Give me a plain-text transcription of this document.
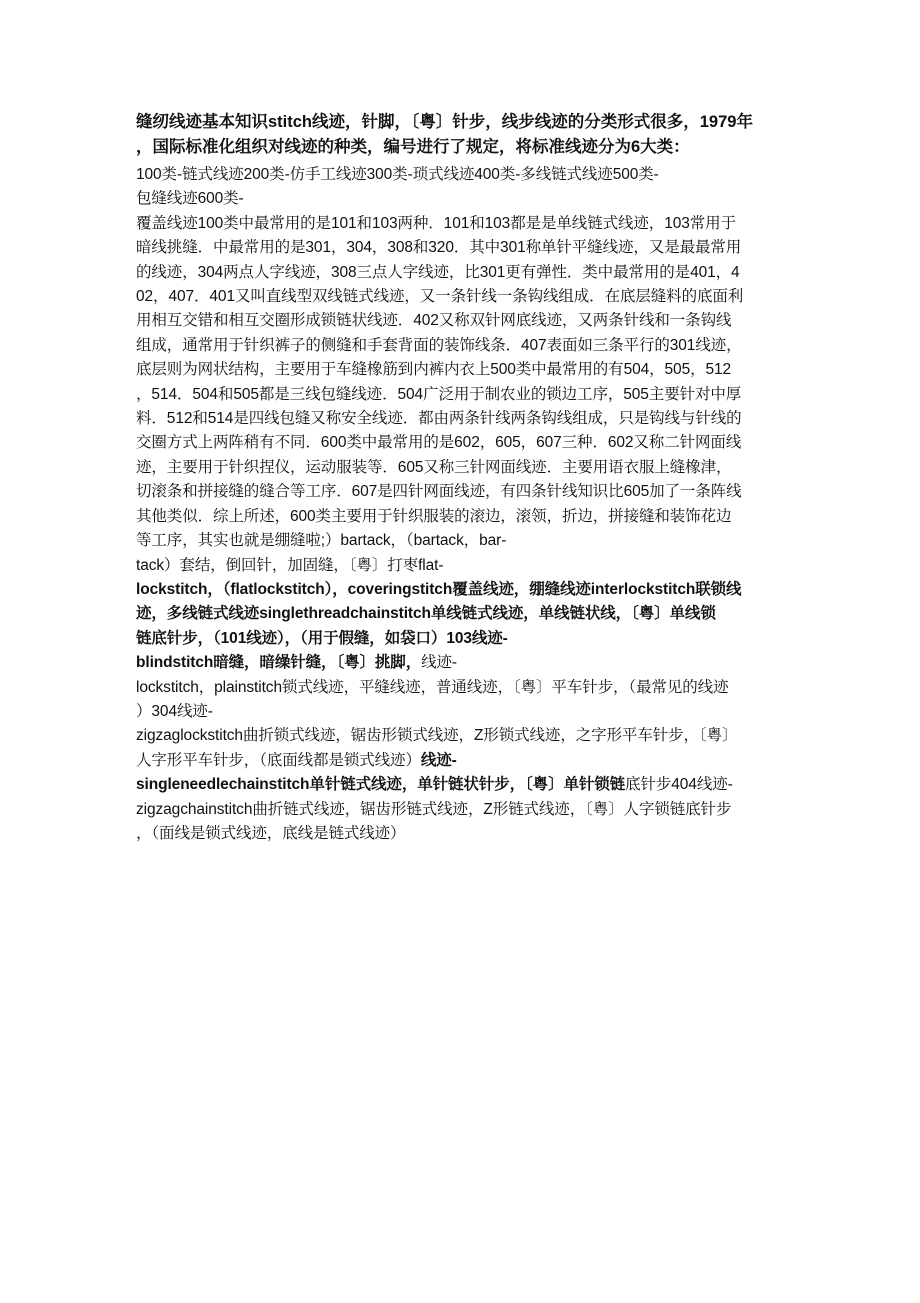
缝纫线迹基本知识stitch线迹，针脚，〔粤〕针步，线步线迹的分类形式很多，1979年
，国际标准化组织对线迹的种类，编号进行了规定，将标准线迹分为6大类：
100类-链式线迹200类-仿手工线迹300类-琐式线迹400类-多线链式线迹500类-
包缝线迹600类-
覆盖线迹100类中最常用的是101和103两种．101和103都是是单线链式线迹，103常用于
暗线挑缝．中最常用的是301，304，308和320．其中301称单针平缝线迹，又是最最常用
的线迹，304两点人字线迹，308三点人字线迹，比301更有弹性．类中最常用的是401，4
02，407．401又叫直线型双线链式线迹，又一条针线一条钩线组成．在底层缝料的底面利
用相互交错和相互交圈形成锁链状线迹．402又称双针网底线迹，又两条针线和一条钩线
组成，通常用于针织裤子的侧缝和手套背面的装饰线条．407表面如三条平行的301线迹，
底层则为网状结构，主要用于车缝橡筋到内裤内衣上500类中最常用的有504，505，512
，514．504和505都是三线包缝线迹．504广泛用于制农业的锁边工序，505主要针对中厚
料．512和514是四线包缝又称安全线迹．都由两条针线两条钩线组成，只是钩线与针线的
交圈方式上两阵稍有不同．600类中最常用的是602，605，607三种．602又称二针网面线
迹，主要用于针织捏仪，运动服装等．605又称三针网面线迹．主要用语衣服上缝橡津，
切滚条和拼接缝的缝合等工序．607是四针网面线迹，有四条针线知识比605加了一条阵线
其他类似．综上所述，600类主要用于针织服装的滚边，滚领，折边，拼接缝和装饰花边
等工序，其实也就是绷缝啦;）bartack，（bartack，bar-
tack）套结，倒回针，加固缝，〔粤〕打枣flat-
lockstitch，（flatlockstitch），coveringstitch覆盖线迹，绷缝线迹interlockstitch联锁线
迹，多线链式线迹singlethreadchainstitch单线链式线迹，单线链状线，〔粤〕单线锁
链底针步，（101线迹），（用于假缝，如袋口）103线迹-
blindstitch暗缝，暗缲针缝，〔粤〕挑脚，线迹-
lockstitch，plainstitch锁式线迹，平缝线迹，普通线迹，〔粤〕平车针步，（最常见的线迹
）304线迹-
zigzaglockstitch曲折锁式线迹，锯齿形锁式线迹，Z形锁式线迹，之字形平车针步，〔粤〕
人字形平车针步，（底面线都是锁式线迹）线迹-
singleneedlechainstitch单针链式线迹，单针链状针步，〔粤〕单针锁链底针步404线迹-
zigzagchainstitch曲折链式线迹，锯齿形链式线迹，Z形链式线迹，〔粤〕人字锁链底针步
，（面线是锁式线迹，底线是链式线迹）
